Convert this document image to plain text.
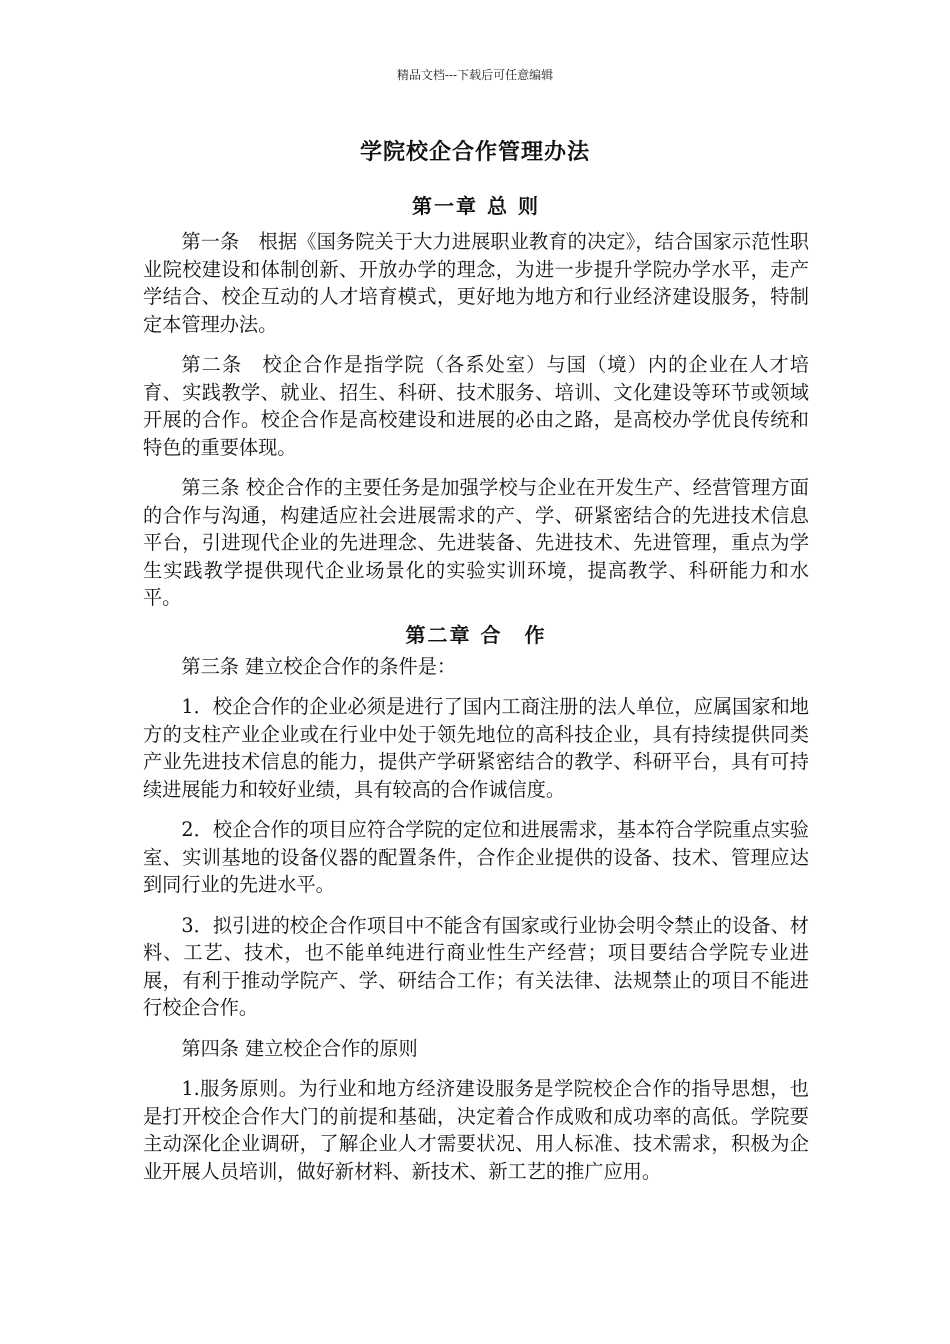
精品文档---下载后可任意编辑
学院校企合作管理办法
第一章 总 则

第一条　根据《国务院关于大力进展职业教育的决定》，结合国家示范性职业院校建设和体制创新、开放办学的理念，为进一步提升学院办学水平，走产学结合、校企互动的人才培育模式，更好地为地方和行业经济建设服务，特制定本管理办法。

第二条　校企合作是指学院（各系处室）与国（境）内的企业在人才培育、实践教学、就业、招生、科研、技术服务、培训、文化建设等环节或领域开展的合作。校企合作是高校建设和进展的必由之路，是高校办学优良传统和特色的重要体现。

第三条 校企合作的主要任务是加强学校与企业在开发生产、经营管理方面的合作与沟通，构建适应社会进展需求的产、学、研紧密结合的先进技术信息平台，引进现代企业的先进理念、先进装备、先进技术、先进管理，重点为学生实践教学提供现代企业场景化的实验实训环境，提高教学、科研能力和水平。

第二章 合　作

第三条 建立校企合作的条件是：

1．校企合作的企业必须是进行了国内工商注册的法人单位，应属国家和地方的支柱产业企业或在行业中处于领先地位的高科技企业，具有持续提供同类产业先进技术信息的能力，提供产学研紧密结合的教学、科研平台，具有可持续进展能力和较好业绩，具有较高的合作诚信度。

2．校企合作的项目应符合学院的定位和进展需求，基本符合学院重点实验室、实训基地的设备仪器的配置条件，合作企业提供的设备、技术、管理应达到同行业的先进水平。

3．拟引进的校企合作项目中不能含有国家或行业协会明令禁止的设备、材料、工艺、技术，也不能单纯进行商业性生产经营；项目要结合学院专业进展，有利于推动学院产、学、研结合工作；有关法律、法规禁止的项目不能进行校企合作。

第四条 建立校企合作的原则

1.服务原则。为行业和地方经济建设服务是学院校企合作的指导思想，也是打开校企合作大门的前提和基础，决定着合作成败和成功率的高低。学院要主动深化企业调研，了解企业人才需要状况、用人标准、技术需求，积极为企业开展人员培训，做好新材料、新技术、新工艺的推广应用。
